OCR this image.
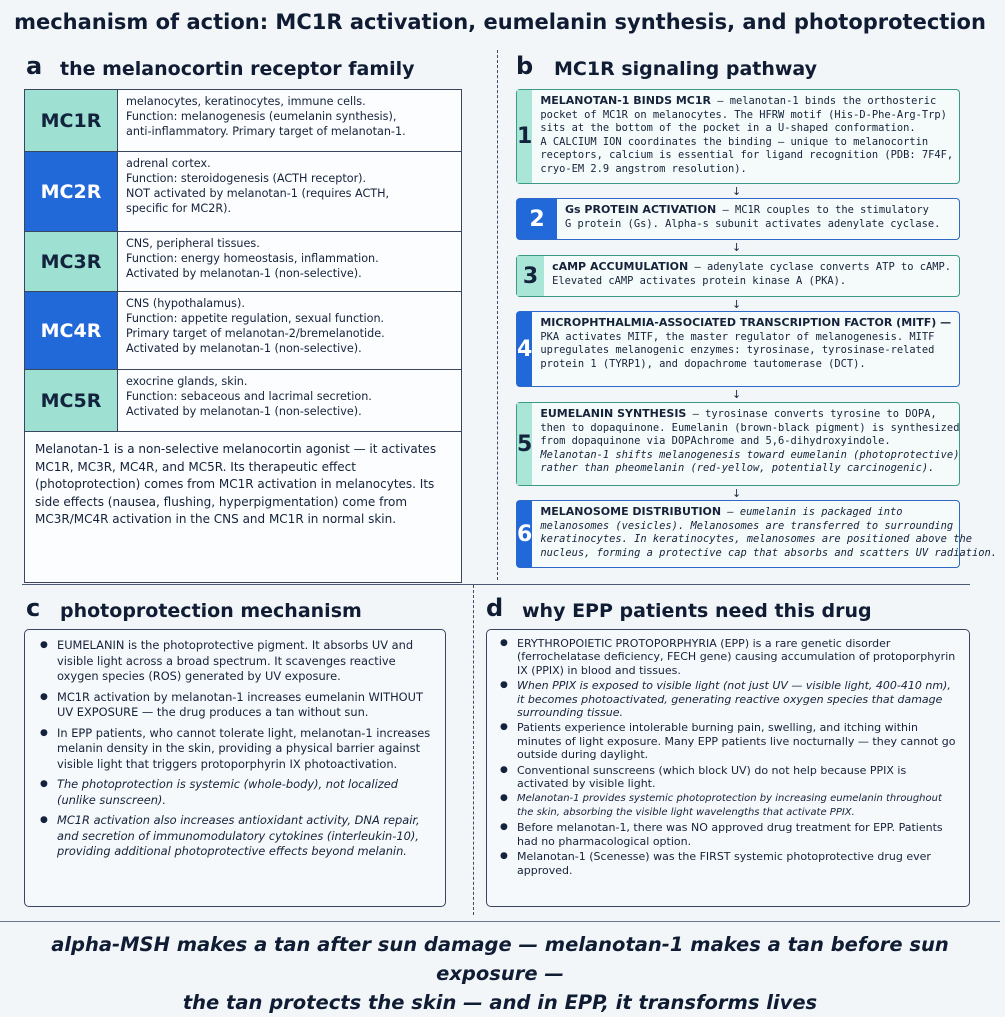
mechanism of action: MC1R activation, eumelanin synthesis, and photoprotection
a the melanocortin receptor family
MC1R
melanocytes, keratinocytes, immune cells.
Function: melanogenesis (eumelanin synthesis),
anti-inflammatory. Primary target of melanotan-1.
MC2R
adrenal cortex.
Function: steroidogenesis (ACTH receptor).
NOT activated by melanotan-1 (requires ACTH,
specific for MC2R).
MC3R
CNS, peripheral tissues.
Function: energy homeostasis, inflammation.
Activated by melanotan-1 (non-selective).
MC4R
CNS (hypothalamus).
Function: appetite regulation, sexual function.
Primary target of melanotan-2/bremelanotide.
Activated by melanotan-1 (non-selective).
MC5R
exocrine glands, skin.
Function: sebaceous and lacrimal secretion.
Activated by melanotan-1 (non-selective).
Melanotan-1 is a non-selective melanocortin agonist — it activates MC1R, MC3R, MC4R, and MC5R. Its therapeutic effect (photoprotection) comes from MC1R activation in melanocytes. Its side effects (nausea, flushing, hyperpigmentation) come from MC3R/MC4R activation in the CNS and MC1R in normal skin.
b MC1R signaling pathway
1
MELANOTAN-1 BINDS MC1R — melanotan-1 binds the orthosteric
pocket of MC1R on melanocytes. The HFRW motif (His-D-Phe-Arg-Trp)
sits at the bottom of the pocket in a U-shaped conformation.
A CALCIUM ION coordinates the binding — unique to melanocortin
receptors, calcium is essential for ligand recognition (PDB: 7F4F,
cryo-EM 2.9 angstrom resolution).
↓
2	Gs PROTEIN ACTIVATION — MC1R couples to the stimulatory
G protein (Gs). Alpha-s subunit activates adenylate cyclase.
↓
3	cAMP ACCUMULATION — adenylate cyclase converts ATP to cAMP.
Elevated cAMP activates protein kinase A (PKA).
↓
4
MICROPHTHALMIA-ASSOCIATED TRANSCRIPTION FACTOR (MITF) —
PKA activates MITF, the master regulator of melanogenesis. MITF
upregulates melanogenic enzymes: tyrosinase, tyrosinase-related
protein 1 (TYRP1), and dopachrome tautomerase (DCT).
↓
5
EUMELANIN SYNTHESIS — tyrosinase converts tyrosine to DOPA,
then to dopaquinone. Eumelanin (brown-black pigment) is synthesized
from dopaquinone via DOPAchrome and 5,6-dihydroxyindole.
Melanotan-1 shifts melanogenesis toward eumelanin (photoprotective)
rather than pheomelanin (red-yellow, potentially carcinogenic).
↓
6
MELANOSOME DISTRIBUTION — eumelanin is packaged into
melanosomes (vesicles). Melanosomes are transferred to surrounding
keratinocytes. In keratinocytes, melanosomes are positioned above the
nucleus, forming a protective cap that absorbs and scatters UV radiation.
c photoprotection mechanism
● EUMELANIN is the photoprotective pigment. It absorbs UV and visible light across a broad spectrum. It scavenges reactive oxygen species (ROS) generated by UV exposure.
● MC1R activation by melanotan-1 increases eumelanin WITHOUT UV EXPOSURE — the drug produces a tan without sun.
● In EPP patients, who cannot tolerate light, melanotan-1 increases melanin density in the skin, providing a physical barrier against visible light that triggers protoporphyrin IX photoactivation.
● The photoprotection is systemic (whole-body), not localized (unlike sunscreen).
● MC1R activation also increases antioxidant activity, DNA repair, and secretion of immunomodulatory cytokines (interleukin-10), providing additional photoprotective effects beyond melanin.
d why EPP patients need this drug
● ERYTHROPOIETIC PROTOPORPHYRIA (EPP) is a rare genetic disorder (ferrochelatase deficiency, FECH gene) causing accumulation of protoporphyrin IX (PPIX) in blood and tissues.
● When PPIX is exposed to visible light (not just UV — visible light, 400-410 nm), it becomes photoactivated, generating reactive oxygen species that damage surrounding tissue.
● Patients experience intolerable burning pain, swelling, and itching within minutes of light exposure. Many EPP patients live nocturnally — they cannot go outside during daylight.
● Conventional sunscreens (which block UV) do not help because PPIX is activated by visible light.
● Melanotan-1 provides systemic photoprotection by increasing eumelanin throughout the skin, absorbing the visible light wavelengths that activate PPIX.
● Before melanotan-1, there was NO approved drug treatment for EPP. Patients had no pharmacological option.
● Melanotan-1 (Scenesse) was the FIRST systemic photoprotective drug ever approved.
alpha-MSH makes a tan after sun damage — melanotan-1 makes a tan before sun exposure —
the tan protects the skin — and in EPP, it transforms lives
